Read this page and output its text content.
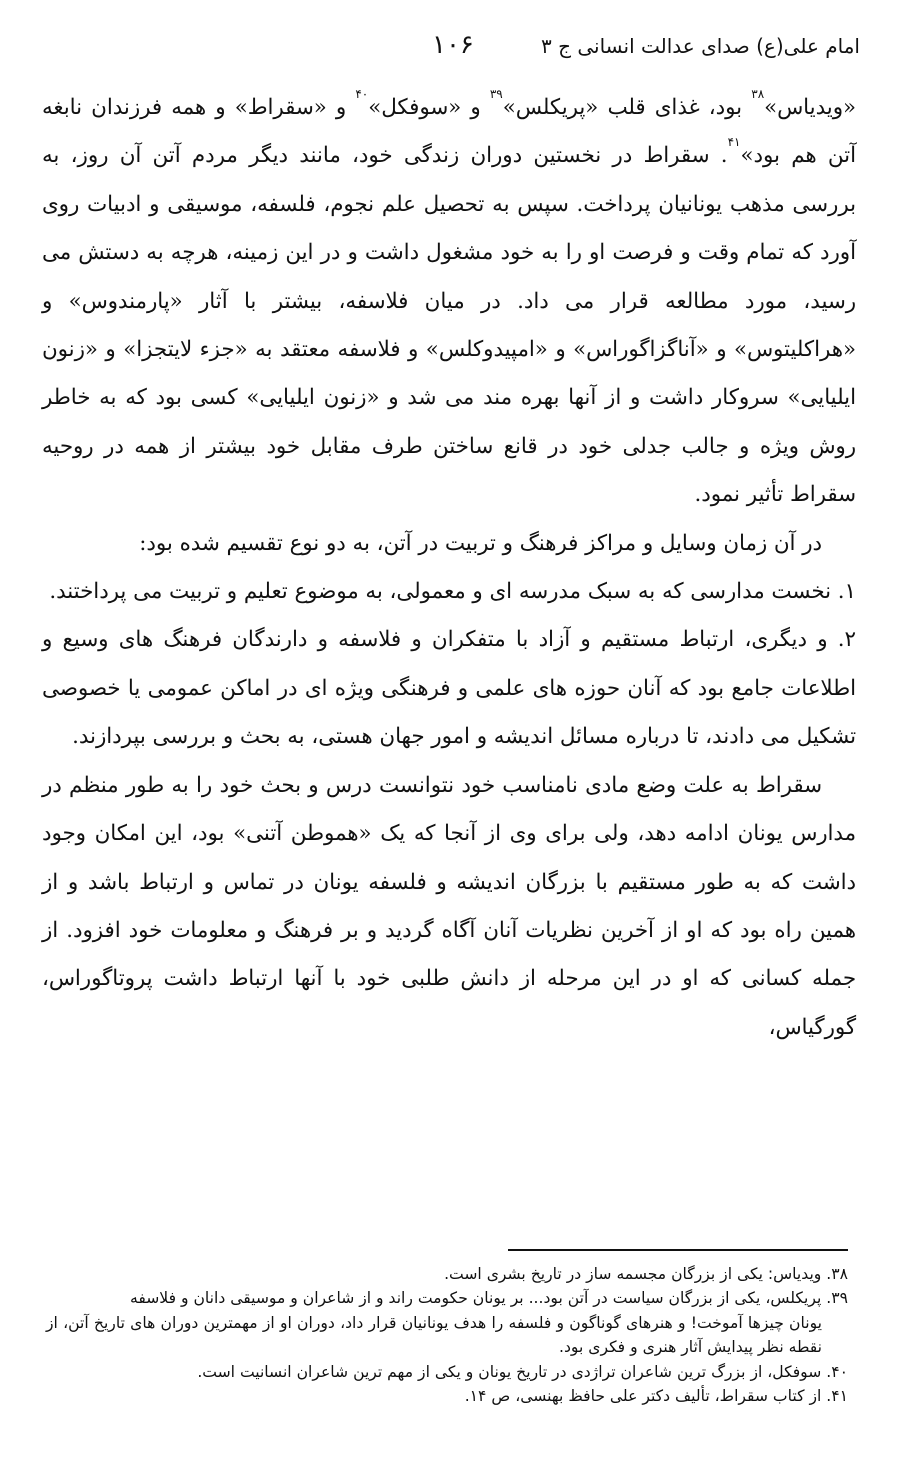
امام علی(ع) صدای عدالت انسانی ج ۳
۱۰۶

«ویدیاس»$^{۳۸}$ بود، غذای قلب «پریکلس»$^{۳۹}$ و «سوفکل»$^{۴۰}$ و «سقراط» و همه فرزندان نابغه آتن هم بود»$^{۴۱}$. سقراط در نخستین دوران زندگی خود، مانند دیگر مردم آتن آن روز، به بررسی مذهب یونانیان پرداخت. سپس به تحصیل علم نجوم، فلسفه، موسیقی و ادبیات روی آورد که تمام وقت و فرصت او را به خود مشغول داشت و در این زمینه، هرچه به دستش می رسید، مورد مطالعه قرار می داد. در میان فلاسفه، بیشتر با آثار «پارمندوس» و «هراکلیتوس» و «آناگزاگوراس» و «امپیدوکلس» و فلاسفه معتقد به «جزء لایتجزا» و «زنون ایلیایی» سروکار داشت و از آنها بهره مند می شد و «زنون ایلیایی» کسی بود که به خاطر روش ویژه و جالب جدلی خود در قانع ساختن طرف مقابل خود بیشتر از همه در روحیه سقراط تأثیر نمود.

در آن زمان وسایل و مراکز فرهنگ و تربیت در آتن، به دو نوع تقسیم شده بود:

۱. نخست مدارسی که به سبک مدرسه ای و معمولی، به موضوع تعلیم و تربیت می پرداختند.

۲. و دیگری، ارتباط مستقیم و آزاد با متفکران و فلاسفه و دارندگان فرهنگ های وسیع و اطلاعات جامع بود که آنان حوزه های علمی و فرهنگی ویژه ای در اماکن عمومی یا خصوصی تشکیل می دادند، تا درباره مسائل اندیشه و امور جهان هستی، به بحث و بررسی بپردازند.

سقراط به علت وضع مادی نامناسب خود نتوانست درس و بحث خود را به طور منظم در مدارس یونان ادامه دهد، ولی برای وی از آنجا که یک «هموطن آتنی» بود، این امکان وجود داشت که به طور مستقیم با بزرگان اندیشه و فلسفه یونان در تماس و ارتباط باشد و از همین راه بود که او از آخرین نظریات آنان آگاه گردید و بر فرهنگ و معلومات خود افزود. از جمله کسانی که او در این مرحله از دانش طلبی خود با آنها ارتباط داشت پروتاگوراس، گورگیاس،

۳۸. ویدیاس: یکی از بزرگان مجسمه ساز در تاریخ بشری است.

۳۹. پریکلس، یکی از بزرگان سیاست در آتن بود... بر یونان حکومت راند و از شاعران و موسیقی دانان و فلاسفه

یونان چیزها آموخت! و هنرهای گوناگون و فلسفه را هدف یونانیان قرار داد، دوران او از مهمترین دوران های تاریخ آتن، از نقطه نظر پیدایش آثار هنری و فکری بود.

۴۰. سوفکل، از بزرگ ترین شاعران تراژدی در تاریخ یونان و یکی از مهم ترین شاعران انسانیت است.

۴۱. از کتاب سقراط، تألیف دکتر علی حافظ بهنسی، ص ۱۴.
